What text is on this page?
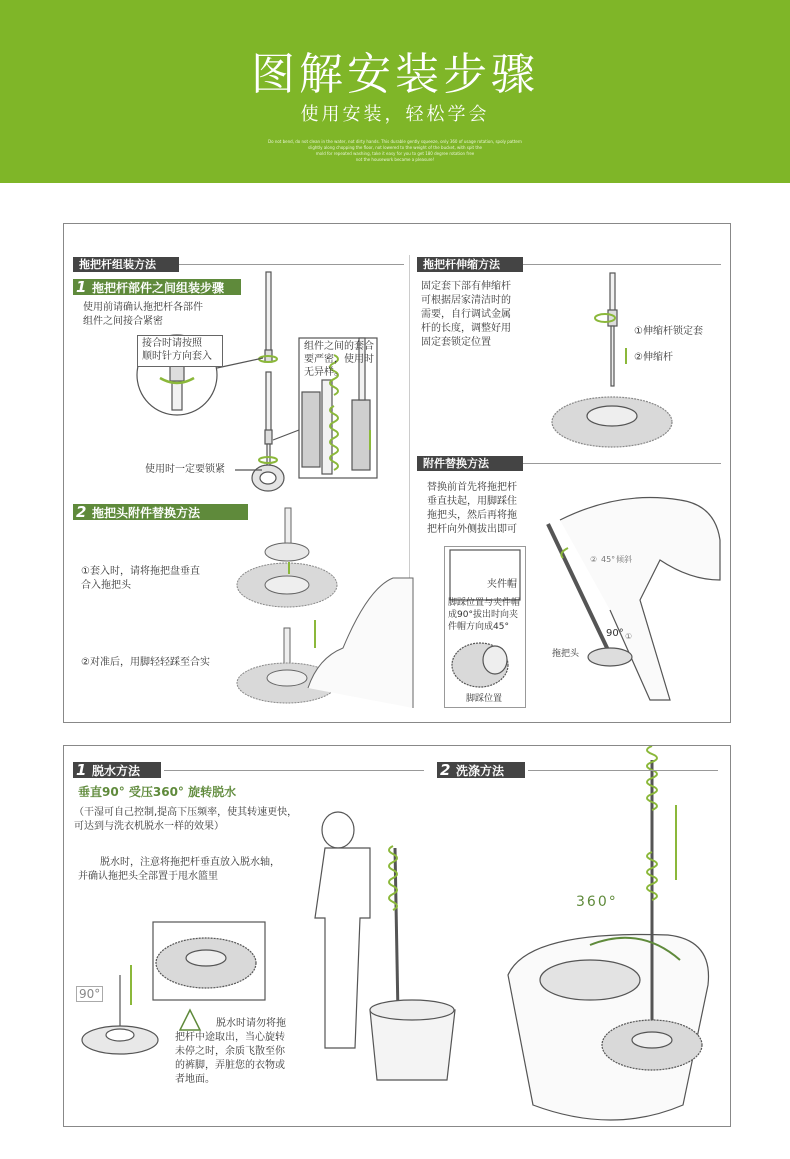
图解安装步骤
使用安装，轻松学会
Do not bend, do not clean in the water, not dirty hands. This durable gently squeeze, only 360 of usage rotation, spoly pattern
slightly along chopping the floor, not lowered to the weight of the bucket, with spit the
mold for repeated washing, take it easy for you to get 180 degree rotation free
not the housework became a pleasure!
拖把杆组装方法
1 拖把杆部件之间组装步骤
使用前请确认拖把杆各部件
组件之间接合紧密
接合时请按照
顺时针方向套入
组件之间的套合
要严密，使用时
无异样。
使用时一定要锁紧
2 拖把头附件替换方法
①套入时，请将拖把盘垂直
合入拖把头
②对准后，用脚轻轻踩至合实
拖把杆伸缩方法
固定套下部有伸缩杆
可根据居家清洁时的
需要，自行调试金属
杆的长度，调整好用
固定套锁定位置
①伸缩杆锁定套
②伸缩杆
附件替换方法
替换前首先将拖把杆
垂直扶起，用脚踩住
拖把头，然后再将拖
把杆向外侧拔出即可
夹件帽
脚踩位置与夹件帽
成90°拔出时向夹
件帽方向成45°
脚踩位置
拖把头
90°
② 45° 倾斜
①
1 脱水方法	2 洗涤方法
垂直90° 受压360° 旋转脱水
（干湿可自己控制,提高下压频率，使其转速更快，
可达到与洗衣机脱水一样的效果）
脱水时，注意将拖把杆垂直放入脱水轴，
并确认拖把头全部置于甩水篮里
90°
脱水时请勿将拖
把杆中途取出，当心旋转
未停之时，余质飞散至你
的裤脚，弄脏您的衣物或
者地面。
360°
